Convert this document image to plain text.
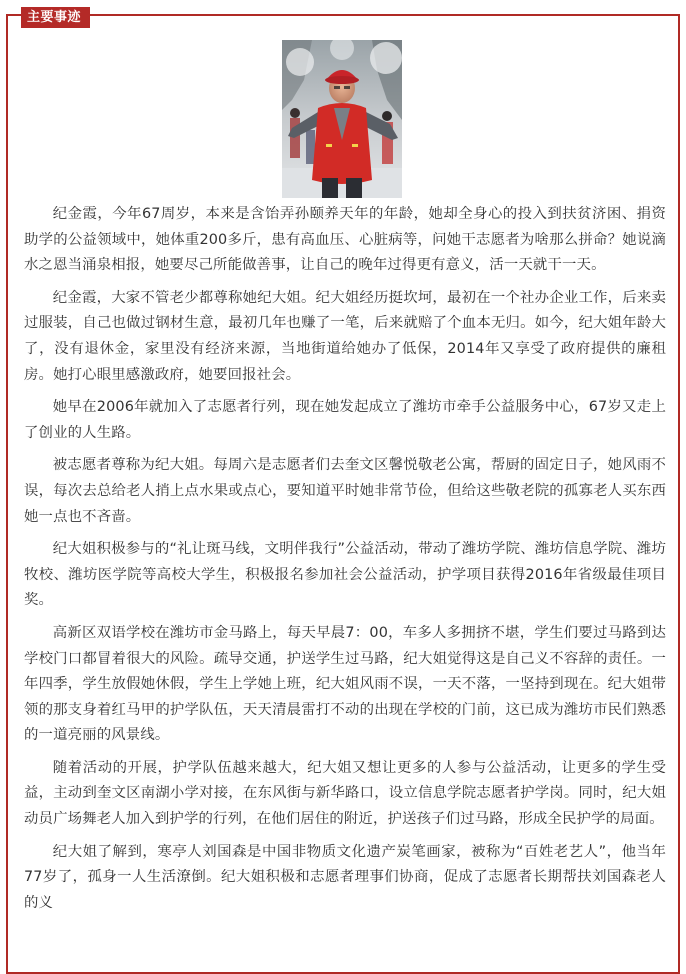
主要事迹

纪金霞，今年67周岁，本来是含饴弄孙颐养天年的年龄，她却全身心的投入到扶贫济困、捐资助学的公益领域中，她体重200多斤，患有高血压、心脏病等，问她干志愿者为啥那么拼命？她说滴水之恩当涌泉相报，她要尽己所能做善事，让自己的晚年过得更有意义，活一天就干一天。

纪金霞，大家不管老少都尊称她纪大姐。纪大姐经历挺坎坷，最初在一个社办企业工作，后来卖过服装，自己也做过钢材生意，最初几年也赚了一笔，后来就赔了个血本无归。如今，纪大姐年龄大了，没有退休金，家里没有经济来源，当地街道给她办了低保，2014年又享受了政府提供的廉租房。她打心眼里感激政府，她要回报社会。

她早在2006年就加入了志愿者行列，现在她发起成立了潍坊市牵手公益服务中心，67岁又走上了创业的人生路。

被志愿者尊称为纪大姐。每周六是志愿者们去奎文区馨悦敬老公寓，帮厨的固定日子，她风雨不误，每次去总给老人捎上点水果或点心，要知道平时她非常节俭，但给这些敬老院的孤寡老人买东西她一点也不吝啬。

纪大姐积极参与的“礼让斑马线，文明伴我行”公益活动，带动了潍坊学院、潍坊信息学院、潍坊牧校、潍坊医学院等高校大学生，积极报名参加社会公益活动，护学项目获得2016年省级最佳项目奖。

高新区双语学校在潍坊市金马路上，每天早晨7：00，车多人多拥挤不堪，学生们要过马路到达学校门口都冒着很大的风险。疏导交通，护送学生过马路，纪大姐觉得这是自己义不容辞的责任。一年四季，学生放假她休假，学生上学她上班，纪大姐风雨不误，一天不落，一坚持到现在。纪大姐带领的那支身着红马甲的护学队伍，天天清晨雷打不动的出现在学校的门前，这已成为潍坊市民们熟悉的一道亮丽的风景线。

随着活动的开展，护学队伍越来越大，纪大姐又想让更多的人参与公益活动，让更多的学生受益，主动到奎文区南湖小学对接，在东风街与新华路口，设立信息学院志愿者护学岗。同时，纪大姐动员广场舞老人加入到护学的行列，在他们居住的附近，护送孩子们过马路，形成全民护学的局面。

纪大姐了解到，寒亭人刘国森是中国非物质文化遗产炭笔画家，被称为“百姓老艺人”，他当年77岁了，孤身一人生活潦倒。纪大姐积极和志愿者理事们协商，促成了志愿者长期帮扶刘国森老人的义
